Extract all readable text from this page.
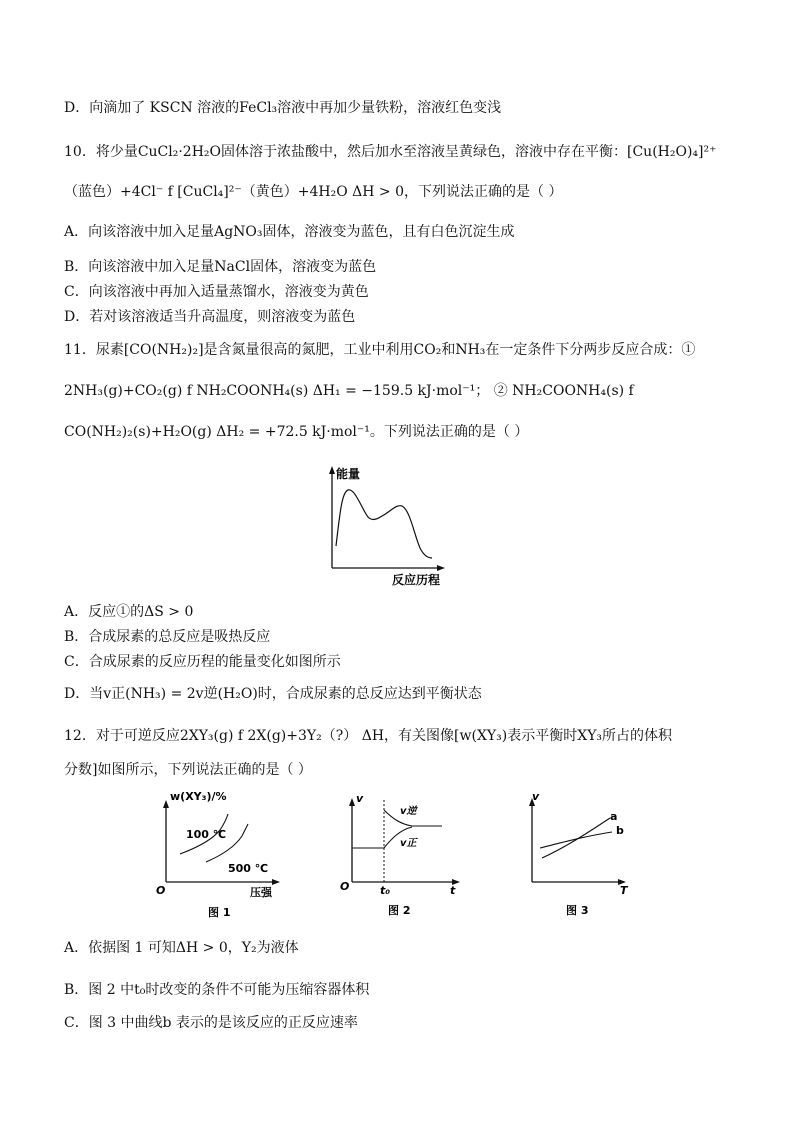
D．向滴加了 KSCN 溶液的FeCl₃溶液中再加少量铁粉，溶液红色变浅
10．将少量CuCl₂·2H₂O固体溶于浓盐酸中，然后加水至溶液呈黄绿色，溶液中存在平衡：[Cu(H₂O)₄]²⁺
（蓝色）+4Cl⁻ f [CuCl₄]²⁻（黄色）+4H₂O ΔH > 0，下列说法正确的是（ ）
A．向该溶液中加入足量AgNO₃固体，溶液变为蓝色，且有白色沉淀生成
B．向该溶液中加入足量NaCl固体，溶液变为蓝色
C．向该溶液中再加入适量蒸馏水，溶液变为黄色
D．若对该溶液适当升高温度，则溶液变为蓝色
11．尿素[CO(NH₂)₂]是含氮量很高的氮肥，工业中利用CO₂和NH₃在一定条件下分两步反应合成：①
2NH₃(g)+CO₂(g) f NH₂COONH₄(s) ΔH₁ = −159.5 kJ·mol⁻¹； ② NH₂COONH₄(s) f
CO(NH₂)₂(s)+H₂O(g) ΔH₂ = +72.5 kJ·mol⁻¹。下列说法正确的是（ ）
能量
反应历程
A．反应①的ΔS > 0
B．合成尿素的总反应是吸热反应
C．合成尿素的反应历程的能量变化如图所示
D．当v正(NH₃) = 2v逆(H₂O)时，合成尿素的总反应达到平衡状态
12．对于可逆反应2XY₃(g) f 2X(g)+3Y₂（?） ΔH，有关图像[w(XY₃)表示平衡时XY₃所占的体积
分数]如图所示，下列说法正确的是（ ）
w(XY₃)/%
100 ℃
500 ℃
O	压强
图 1
v
v逆
v正
O	t₀	t
图 2
v
a
b
T
图 3
A．依据图 1 可知ΔH > 0，Y₂为液体
B．图 2 中t₀时改变的条件不可能为压缩容器体积
C．图 3 中曲线b 表示的是该反应的正反应速率
